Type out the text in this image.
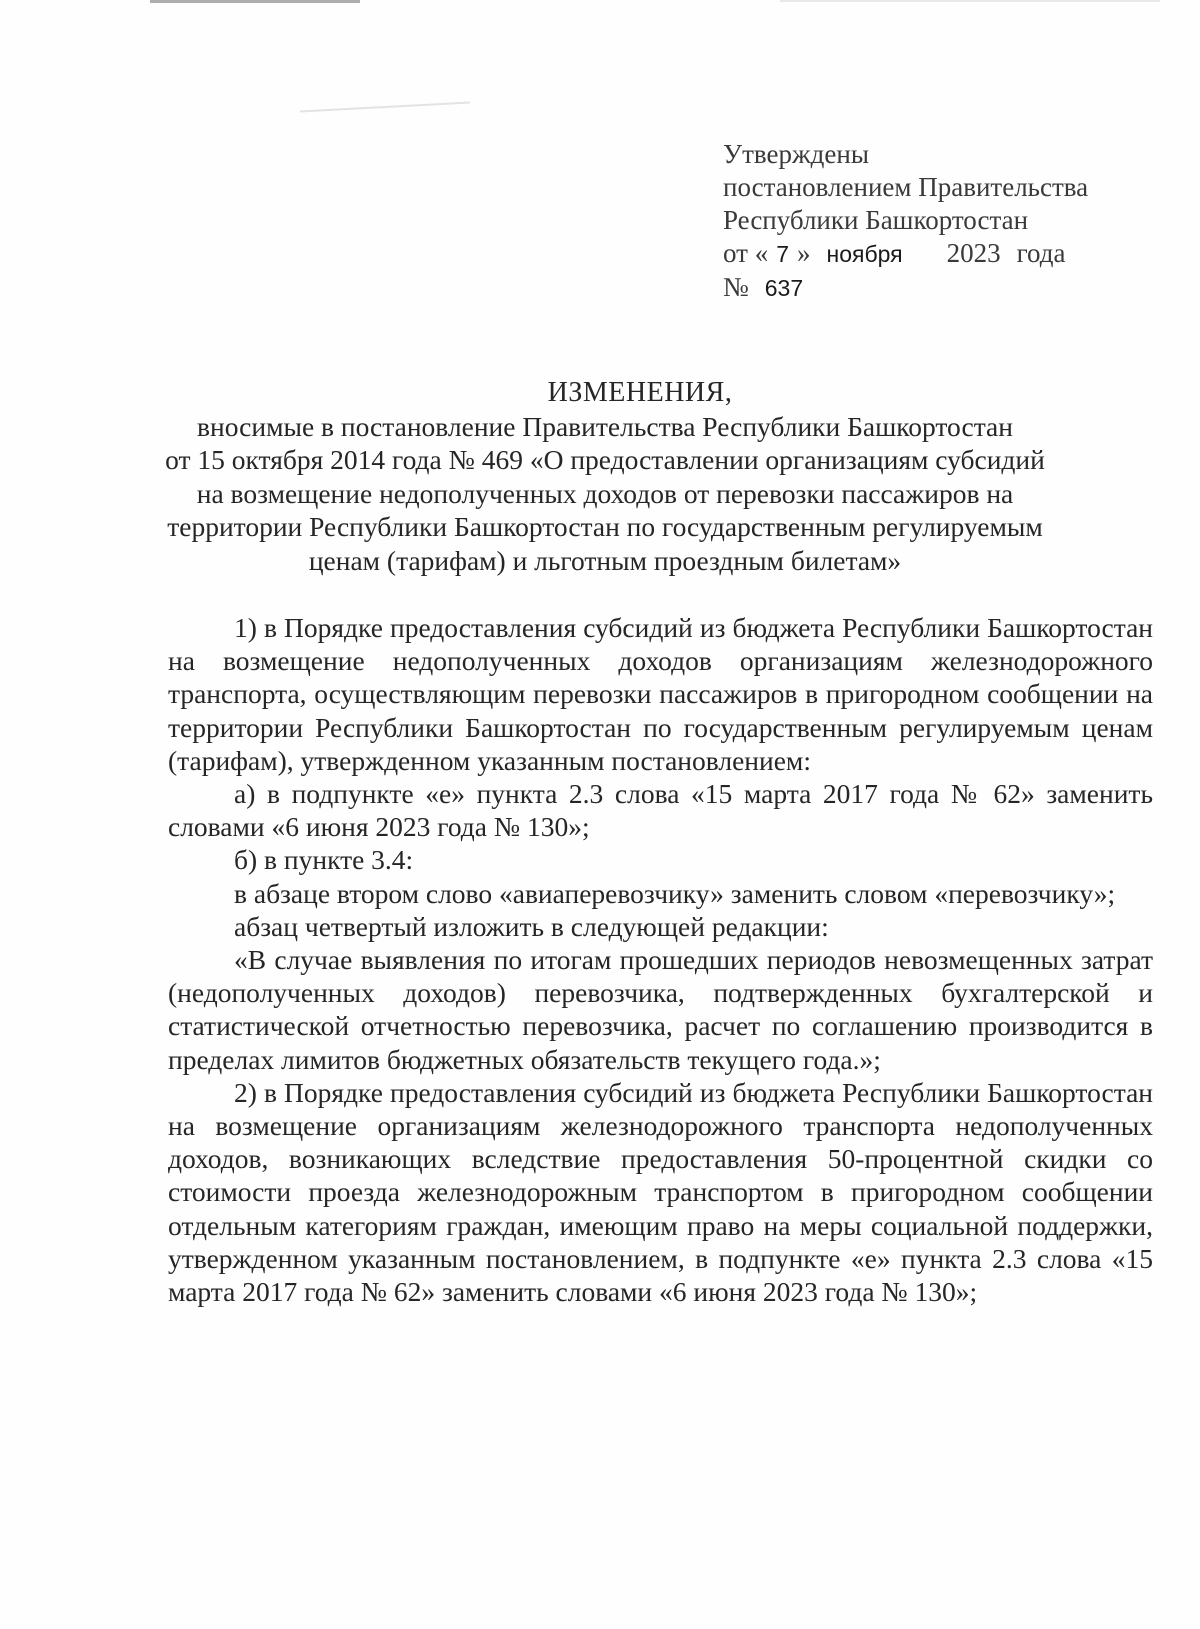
Утверждены
постановлением Правительства
Республики Башкортостан
от « 7 » ноября 2023 года
№ 637
ИЗМЕНЕНИЯ,
вносимые в постановление Правительства Республики Башкортостан
от 15 октября 2014 года № 469 «О предоставлении организациям субсидий
на возмещение недополученных доходов от перевозки пассажиров на
территории Республики Башкортостан по государственным регулируемым
ценам (тарифам) и льготным проездным билетам»

1) в Порядке предоставления субсидий из бюджета Республики Башкортостан на возмещение недополученных доходов организациям железнодорожного транспорта, осуществляющим перевозки пассажиров в пригородном сообщении на территории Республики Башкортостан по государственным регулируемым ценам (тарифам), утвержденном указанным постановлением:

а) в подпункте «е» пункта 2.3 слова «15 марта 2017 года № 62» заменить словами «6 июня 2023 года № 130»;

б) в пункте 3.4:

в абзаце втором слово «авиаперевозчику» заменить словом «перевозчику»;

абзац четвертый изложить в следующей редакции:

«В случае выявления по итогам прошедших периодов невозмещенных затрат (недополученных доходов) перевозчика, подтвержденных бухгалтерской и статистической отчетностью перевозчика, расчет по соглашению производится в пределах лимитов бюджетных обязательств текущего года.»;

2) в Порядке предоставления субсидий из бюджета Республики Башкортостан на возмещение организациям железнодорожного транспорта недополученных доходов, возникающих вследствие предоставления 50-процентной скидки со стоимости проезда железнодорожным транспортом в пригородном сообщении отдельным категориям граждан, имеющим право на меры социальной поддержки, утвержденном указанным постановлением, в подпункте «е» пункта 2.3 слова «15 марта 2017 года № 62» заменить словами «6 июня 2023 года № 130»;
